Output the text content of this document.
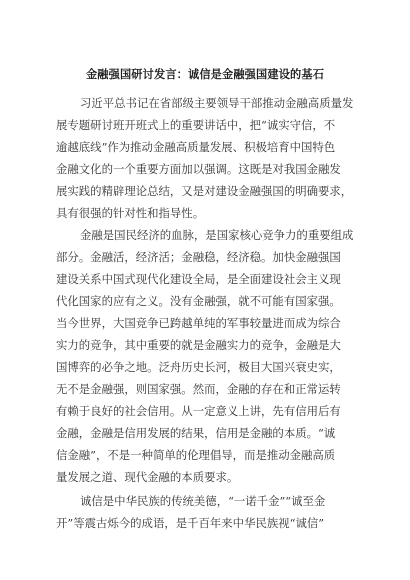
金融强国研讨发言：诚信是金融强国建设的基石
习近平总书记在省部级主要领导干部推动金融高质量发
展专题研讨班开班式上的重要讲话中，把“诚实守信，不
逾越底线”作为推动金融高质量发展、积极培育中国特色
金融文化的一个重要方面加以强调。这既是对我国金融发
展实践的精辟理论总结，又是对建设金融强国的明确要求，
具有很强的针对性和指导性。
金融是国民经济的血脉，是国家核心竞争力的重要组成
部分。金融活，经济活；金融稳，经济稳。加快金融强国
建设关系中国式现代化建设全局，是全面建设社会主义现
代化国家的应有之义。没有金融强，就不可能有国家强。
当今世界，大国竞争已跨越单纯的军事较量进而成为综合
实力的竞争，其中重要的就是金融实力的竞争，金融是大
国博弈的必争之地。泛舟历史长河，极目大国兴衰史实，
无不是金融强，则国家强。然而，金融的存在和正常运转
有赖于良好的社会信用。从一定意义上讲，先有信用后有
金融，金融是信用发展的结果，信用是金融的本质。“诚
信金融”，不是一种简单的伦理倡导，而是推动金融高质
量发展之道、现代金融的本质要求。
诚信是中华民族的传统美德，“一诺千金”“诚至金
开”等震古烁今的成语，是千百年来中华民族视“诚信”
